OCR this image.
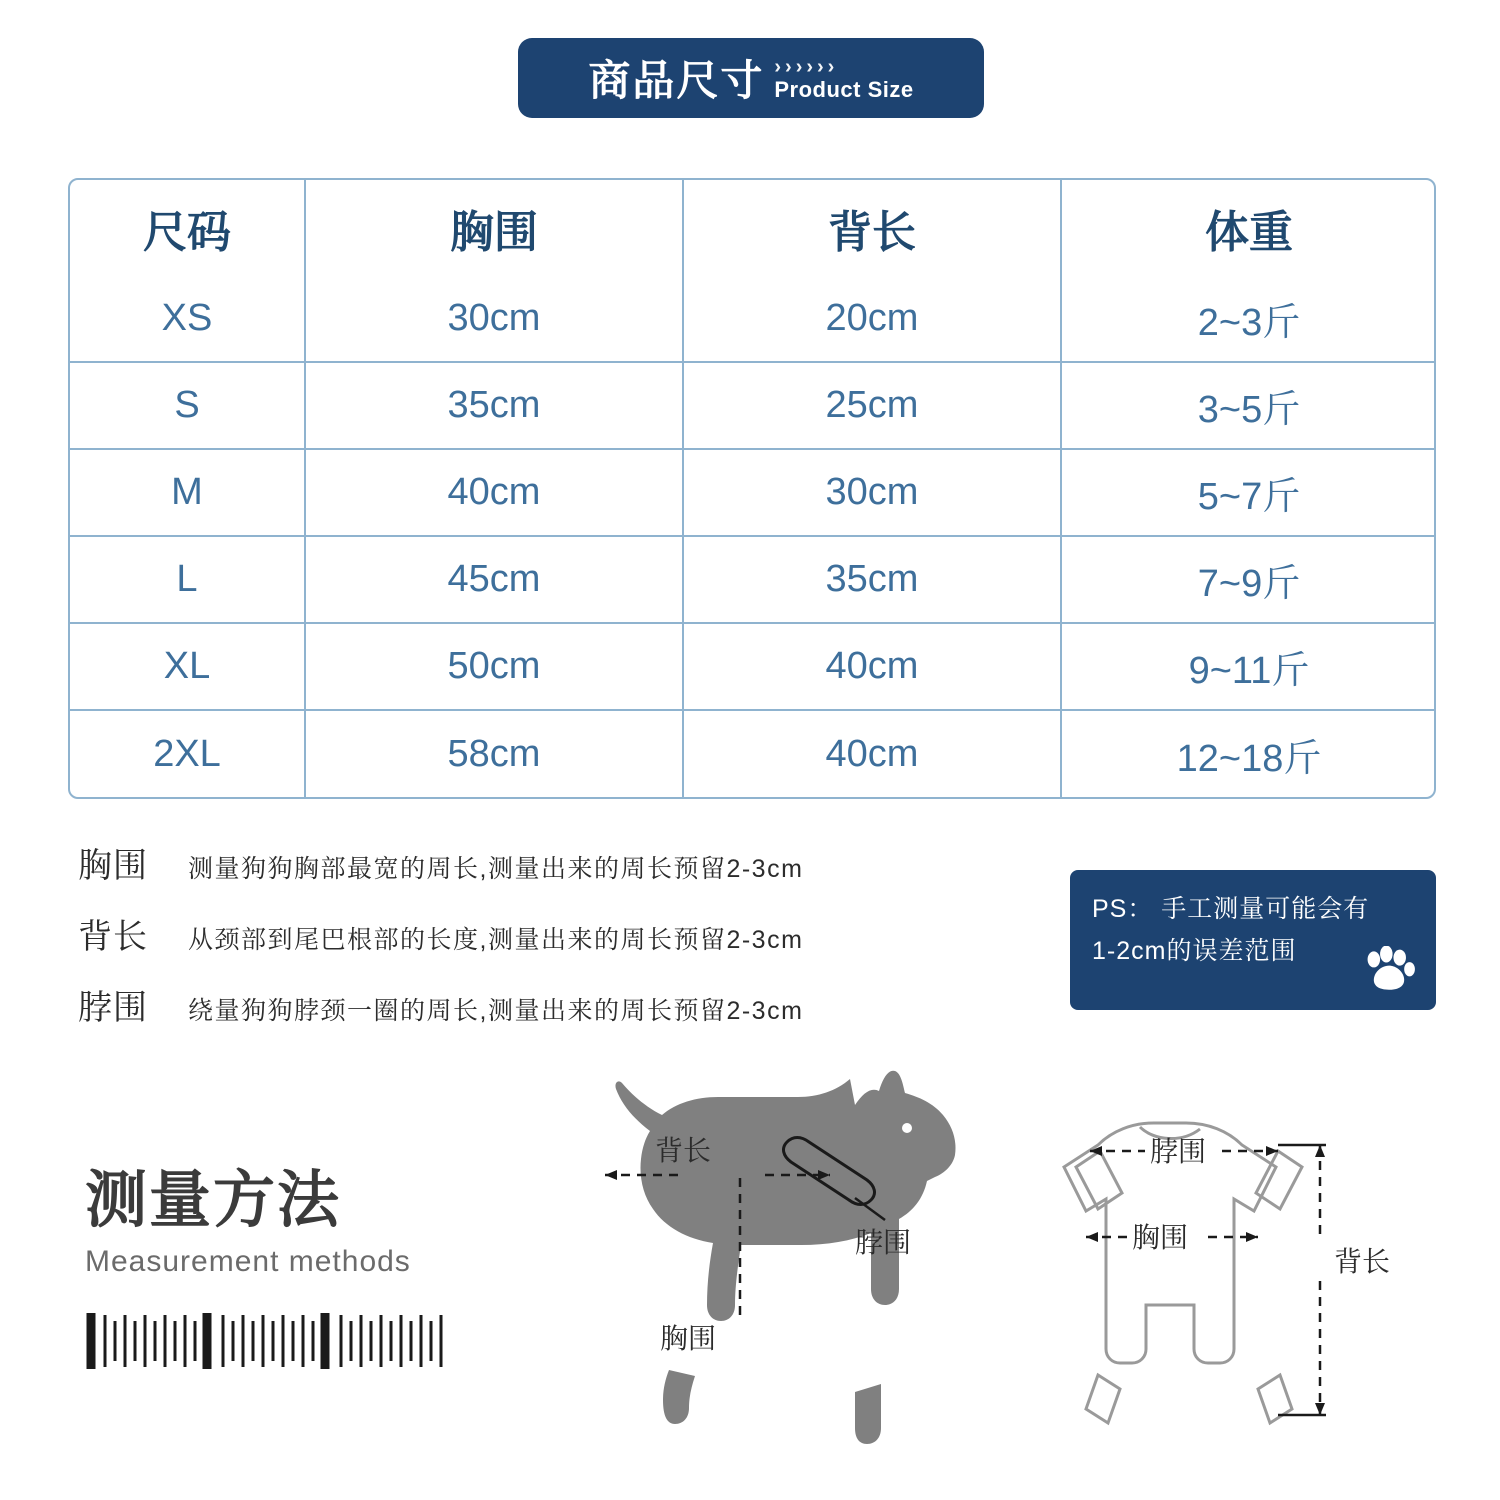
商品尺寸 ››››››
Product Size
尺码	胸围	背长	体重
XS	30cm	20cm	2~3斤
S	35cm	25cm	3~5斤
M	40cm	30cm	5~7斤
L	45cm	35cm	7~9斤
XL	50cm	40cm	9~11斤
2XL	58cm	40cm	12~18斤
胸围	测量狗狗胸部最宽的周长,测量出来的周长预留2-3cm
背长	从颈部到尾巴根部的长度,测量出来的周长预留2-3cm
脖围	绕量狗狗脖颈一圈的周长,测量出来的周长预留2-3cm
PS： 手工测量可能会有
1-2cm的误差范围
测量方法
Measurement methods
背长
脖围
胸围
脖围
胸围
背长
